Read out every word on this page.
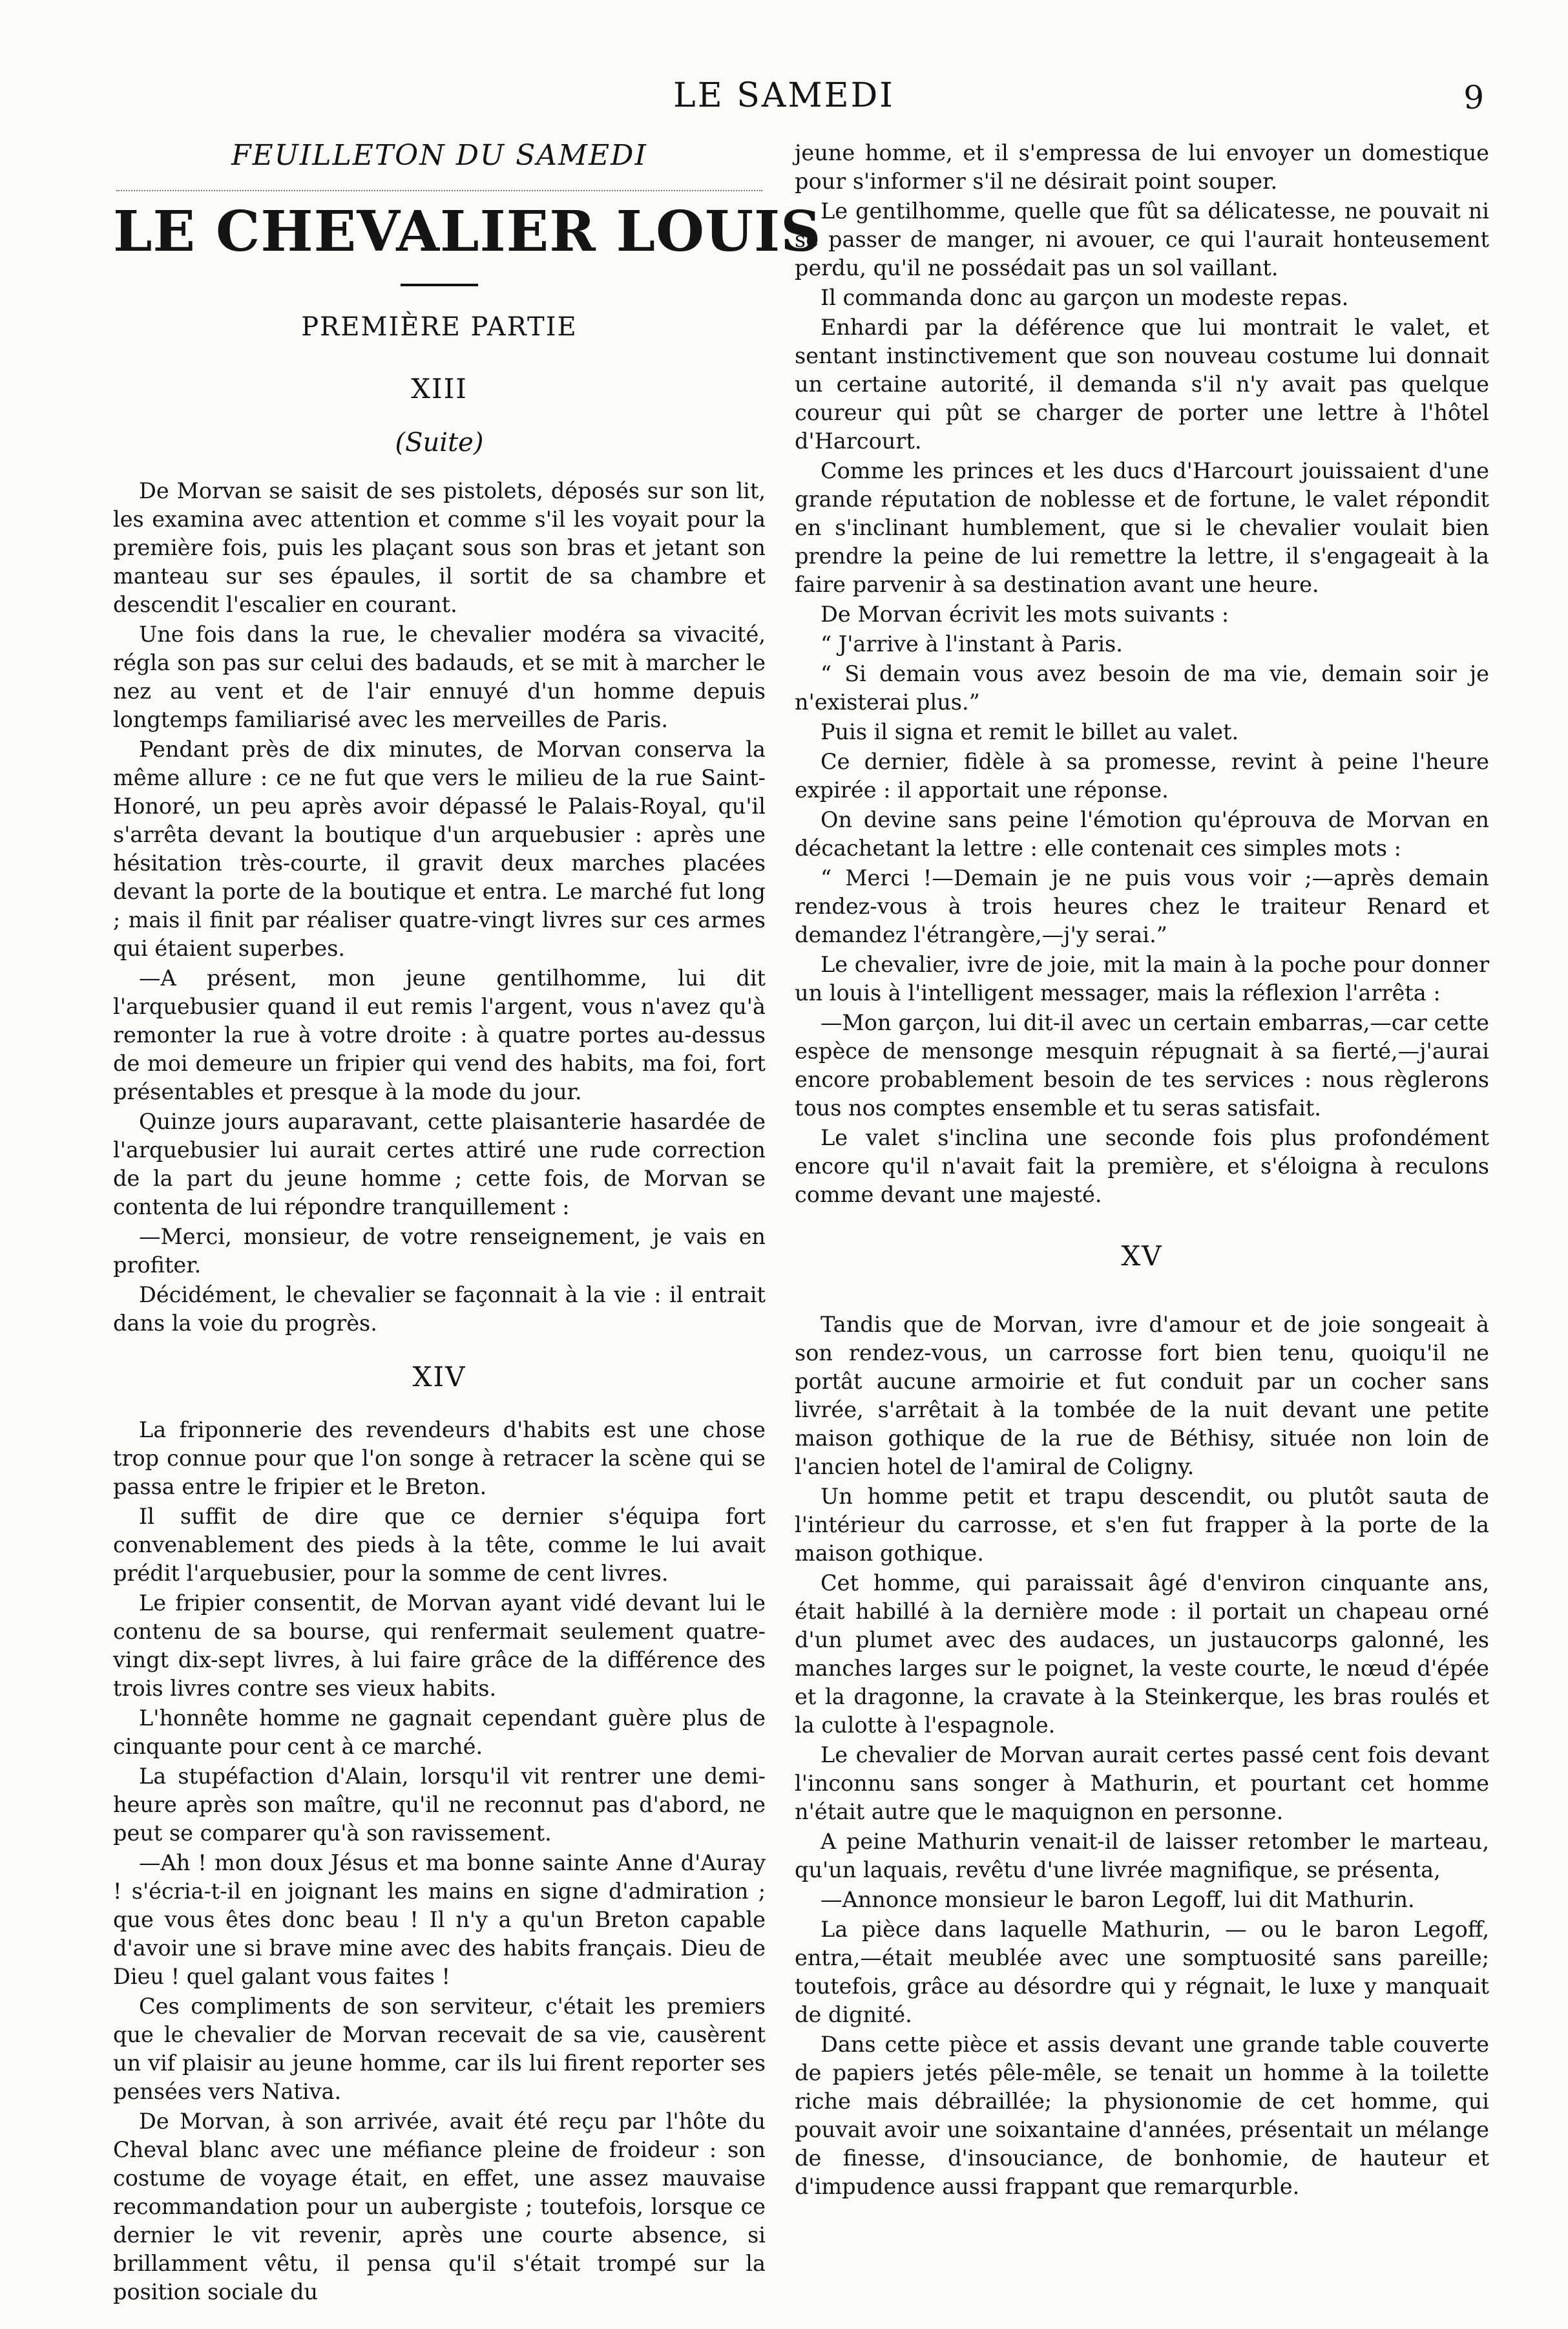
LE SAMEDI	9
FEUILLETON DU SAMEDI
LE CHEVALIER LOUIS
PREMIÈRE PARTIE
XIII
(Suite)

De Morvan se saisit de ses pistolets, déposés sur son lit, les examina avec attention et comme s'il les voyait pour la première fois, puis les plaçant sous son bras et jetant son manteau sur ses épaules, il sortit de sa chambre et descendit l'escalier en courant.

Une fois dans la rue, le chevalier modéra sa vivacité, régla son pas sur celui des badauds, et se mit à marcher le nez au vent et de l'air ennuyé d'un homme depuis longtemps familiarisé avec les merveilles de Paris.

Pendant près de dix minutes, de Morvan conserva la même allure : ce ne fut que vers le milieu de la rue Saint-Honoré, un peu après avoir dépassé le Palais-Royal, qu'il s'arrêta devant la boutique d'un arquebusier : après une hésitation très-courte, il gravit deux marches placées devant la porte de la boutique et entra. Le marché fut long ; mais il finit par réaliser quatre-vingt livres sur ces armes qui étaient superbes.

—A présent, mon jeune gentilhomme, lui dit l'arquebusier quand il eut remis l'argent, vous n'avez qu'à remonter la rue à votre droite : à quatre portes au-dessus de moi demeure un fripier qui vend des habits, ma foi, fort présentables et presque à la mode du jour.

Quinze jours auparavant, cette plaisanterie hasardée de l'arquebusier lui aurait certes attiré une rude correction de la part du jeune homme ; cette fois, de Morvan se contenta de lui répondre tranquillement :

—Merci, monsieur, de votre renseignement, je vais en profiter.

Décidément, le chevalier se façonnait à la vie : il entrait dans la voie du progrès.

XIV

La friponnerie des revendeurs d'habits est une chose trop connue pour que l'on songe à retracer la scène qui se passa entre le fripier et le Breton.

Il suffit de dire que ce dernier s'équipa fort convenablement des pieds à la tête, comme le lui avait prédit l'arquebusier, pour la somme de cent livres.

Le fripier consentit, de Morvan ayant vidé devant lui le contenu de sa bourse, qui renfermait seulement quatre-vingt dix-sept livres, à lui faire grâce de la différence des trois livres contre ses vieux habits.

L'honnête homme ne gagnait cependant guère plus de cinquante pour cent à ce marché.

La stupéfaction d'Alain, lorsqu'il vit rentrer une demi-heure après son maître, qu'il ne reconnut pas d'abord, ne peut se comparer qu'à son ravissement.

—Ah ! mon doux Jésus et ma bonne sainte Anne d'Auray ! s'écria-t-il en joignant les mains en signe d'admiration ; que vous êtes donc beau ! Il n'y a qu'un Breton capable d'avoir une si brave mine avec des habits français. Dieu de Dieu ! quel galant vous faites !

Ces compliments de son serviteur, c'était les premiers que le chevalier de Morvan recevait de sa vie, causèrent un vif plaisir au jeune homme, car ils lui firent reporter ses pensées vers Nativa.

De Morvan, à son arrivée, avait été reçu par l'hôte du Cheval blanc avec une méfiance pleine de froideur : son costume de voyage était, en effet, une assez mauvaise recommandation pour un aubergiste ; toutefois, lorsque ce dernier le vit revenir, après une courte absence, si brillamment vêtu, il pensa qu'il s'était trompé sur la position sociale du

jeune homme, et il s'empressa de lui envoyer un domestique pour s'informer s'il ne désirait point souper.

Le gentilhomme, quelle que fût sa délicatesse, ne pouvait ni se passer de manger, ni avouer, ce qui l'aurait honteusement perdu, qu'il ne possédait pas un sol vaillant.

Il commanda donc au garçon un modeste repas.

Enhardi par la déférence que lui montrait le valet, et sentant instinctivement que son nouveau costume lui donnait un certaine autorité, il demanda s'il n'y avait pas quelque coureur qui pût se charger de porter une lettre à l'hôtel d'Harcourt.

Comme les princes et les ducs d'Harcourt jouissaient d'une grande réputation de noblesse et de fortune, le valet répondit en s'inclinant humblement, que si le chevalier voulait bien prendre la peine de lui remettre la lettre, il s'engageait à la faire parvenir à sa destination avant une heure.

De Morvan écrivit les mots suivants :

“ J'arrive à l'instant à Paris.

“ Si demain vous avez besoin de ma vie, demain soir je n'existerai plus.”

Puis il signa et remit le billet au valet.

Ce dernier, fidèle à sa promesse, revint à peine l'heure expirée : il apportait une réponse.

On devine sans peine l'émotion qu'éprouva de Morvan en décachetant la lettre : elle contenait ces simples mots :

“ Merci !—Demain je ne puis vous voir ;—après demain rendez-vous à trois heures chez le traiteur Renard et demandez l'étrangère,—j'y serai.”

Le chevalier, ivre de joie, mit la main à la poche pour donner un louis à l'intelligent messager, mais la réflexion l'arrêta :

—Mon garçon, lui dit-il avec un certain embarras,—car cette espèce de mensonge mesquin répugnait à sa fierté,—j'aurai encore probablement besoin de tes services : nous règlerons tous nos comptes ensemble et tu seras satisfait.

Le valet s'inclina une seconde fois plus profondément encore qu'il n'avait fait la première, et s'éloigna à reculons comme devant une majesté.

XV

Tandis que de Morvan, ivre d'amour et de joie songeait à son rendez-vous, un carrosse fort bien tenu, quoiqu'il ne portât aucune armoirie et fut conduit par un cocher sans livrée, s'arrêtait à la tombée de la nuit devant une petite maison gothique de la rue de Béthisy, située non loin de l'ancien hotel de l'amiral de Coligny.

Un homme petit et trapu descendit, ou plutôt sauta de l'intérieur du carrosse, et s'en fut frapper à la porte de la maison gothique.

Cet homme, qui paraissait âgé d'environ cinquante ans, était habillé à la dernière mode : il portait un chapeau orné d'un plumet avec des audaces, un justaucorps galonné, les manches larges sur le poignet, la veste courte, le nœud d'épée et la dragonne, la cravate à la Steinkerque, les bras roulés et la culotte à l'espagnole.

Le chevalier de Morvan aurait certes passé cent fois devant l'inconnu sans songer à Mathurin, et pourtant cet homme n'était autre que le maquignon en personne.

A peine Mathurin venait-il de laisser retomber le marteau, qu'un laquais, revêtu d'une livrée magnifique, se présenta,

—Annonce monsieur le baron Legoff, lui dit Mathurin.

La pièce dans laquelle Mathurin, — ou le baron Legoff, entra,—était meublée avec une somptuosité sans pareille; toutefois, grâce au désordre qui y régnait, le luxe y manquait de dignité.

Dans cette pièce et assis devant une grande table couverte de papiers jetés pêle-mêle, se tenait un homme à la toilette riche mais débraillée; la physionomie de cet homme, qui pouvait avoir une soixantaine d'années, présentait un mélange de finesse, d'insouciance, de bonhomie, de hauteur et d'impudence aussi frappant que remarqurble.
